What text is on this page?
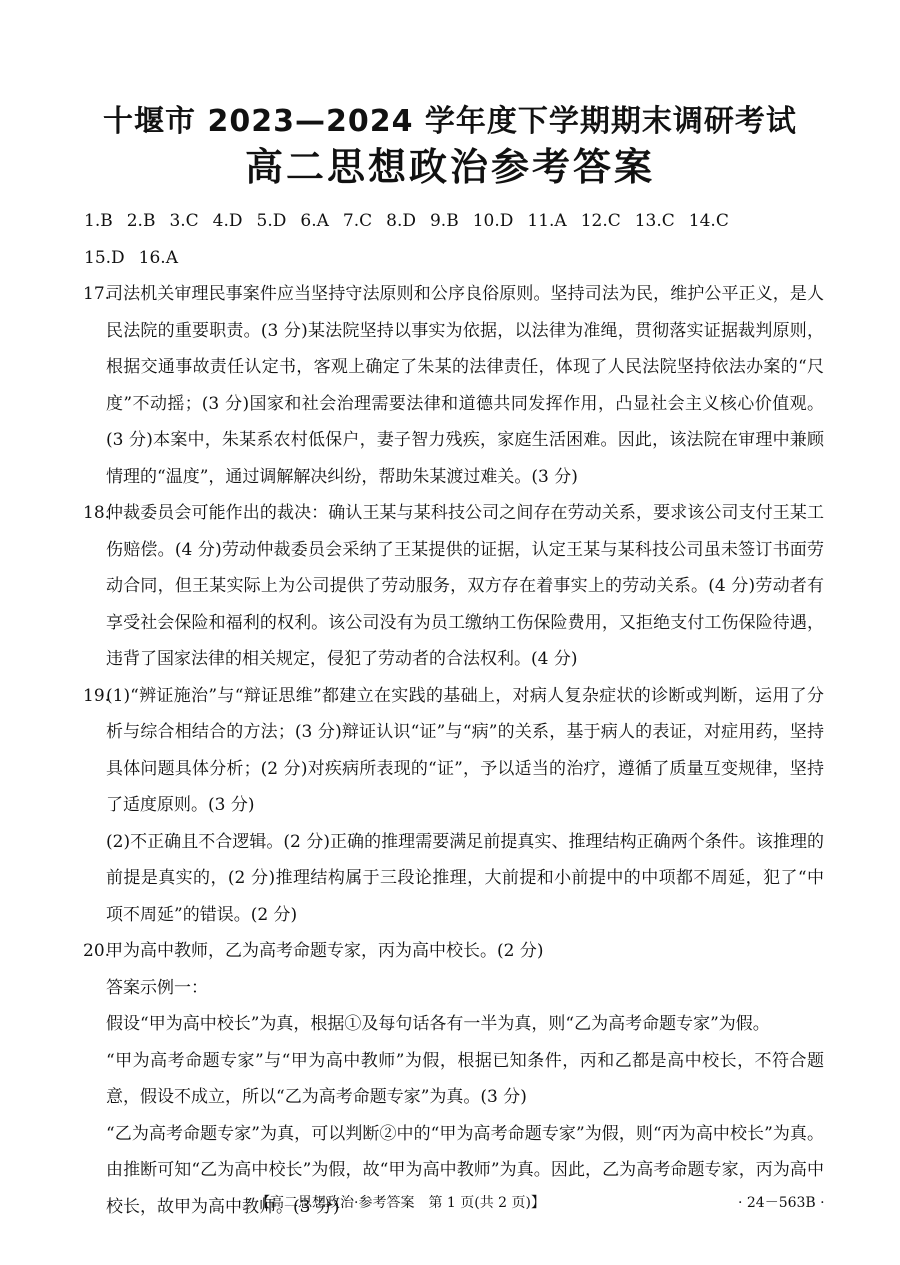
十堰市 2023—2024 学年度下学期期末调研考试
高二思想政治参考答案
1.B 2.B 3.C 4.D 5.D 6.A 7.C 8.D 9.B 10.D 11.A 12.C 13.C 14.C
15.D 16.A
17.
司法机关审理民事案件应当坚持守法原则和公序良俗原则。坚持司法为民，维护公平正义，是人民法院的重要职责。(3 分)某法院坚持以事实为依据，以法律为准绳，贯彻落实证据裁判原则，根据交通事故责任认定书，客观上确定了朱某的法律责任，体现了人民法院坚持依法办案的“尺度”不动摇；(3 分)国家和社会治理需要法律和道德共同发挥作用，凸显社会主义核心价值观。(3 分)本案中，朱某系农村低保户，妻子智力残疾，家庭生活困难。因此，该法院在审理中兼顾情理的“温度”，通过调解解决纠纷，帮助朱某渡过难关。(3 分)
18.
仲裁委员会可能作出的裁决：确认王某与某科技公司之间存在劳动关系，要求该公司支付王某工伤赔偿。(4 分)劳动仲裁委员会采纳了王某提供的证据，认定王某与某科技公司虽未签订书面劳动合同，但王某实际上为公司提供了劳动服务，双方存在着事实上的劳动关系。(4 分)劳动者有享受社会保险和福利的权利。该公司没有为员工缴纳工伤保险费用，又拒绝支付工伤保险待遇，违背了国家法律的相关规定，侵犯了劳动者的合法权利。(4 分)
19.
(1)“辨证施治”与“辩证思维”都建立在实践的基础上，对病人复杂症状的诊断或判断，运用了分析与综合相结合的方法；(3 分)辩证认识“证”与“病”的关系，基于病人的表证，对症用药，坚持具体问题具体分析；(2 分)对疾病所表现的“证”，予以适当的治疗，遵循了质量互变规律，坚持了适度原则。(3 分)
(2)不正确且不合逻辑。(2 分)正确的推理需要满足前提真实、推理结构正确两个条件。该推理的前提是真实的，(2 分)推理结构属于三段论推理，大前提和小前提中的中项都不周延，犯了“中项不周延”的错误。(2 分)
20.
甲为高中教师，乙为高考命题专家，丙为高中校长。(2 分)
答案示例一：
假设“甲为高中校长”为真，根据①及每句话各有一半为真，则“乙为高考命题专家”为假。
“甲为高考命题专家”与“甲为高中教师”为假，根据已知条件，丙和乙都是高中校长，不符合题意，假设不成立，所以“乙为高考命题专家”为真。(3 分)
“乙为高考命题专家”为真，可以判断②中的“甲为高考命题专家”为假，则“丙为高中校长”为真。由推断可知“乙为高中校长”为假，故“甲为高中教师”为真。因此，乙为高考命题专家，丙为高中校长，故甲为高中教师。(3 分)
【高二思想政治·参考答案　第 1 页(共 2 页)】	· 24－563B ·
